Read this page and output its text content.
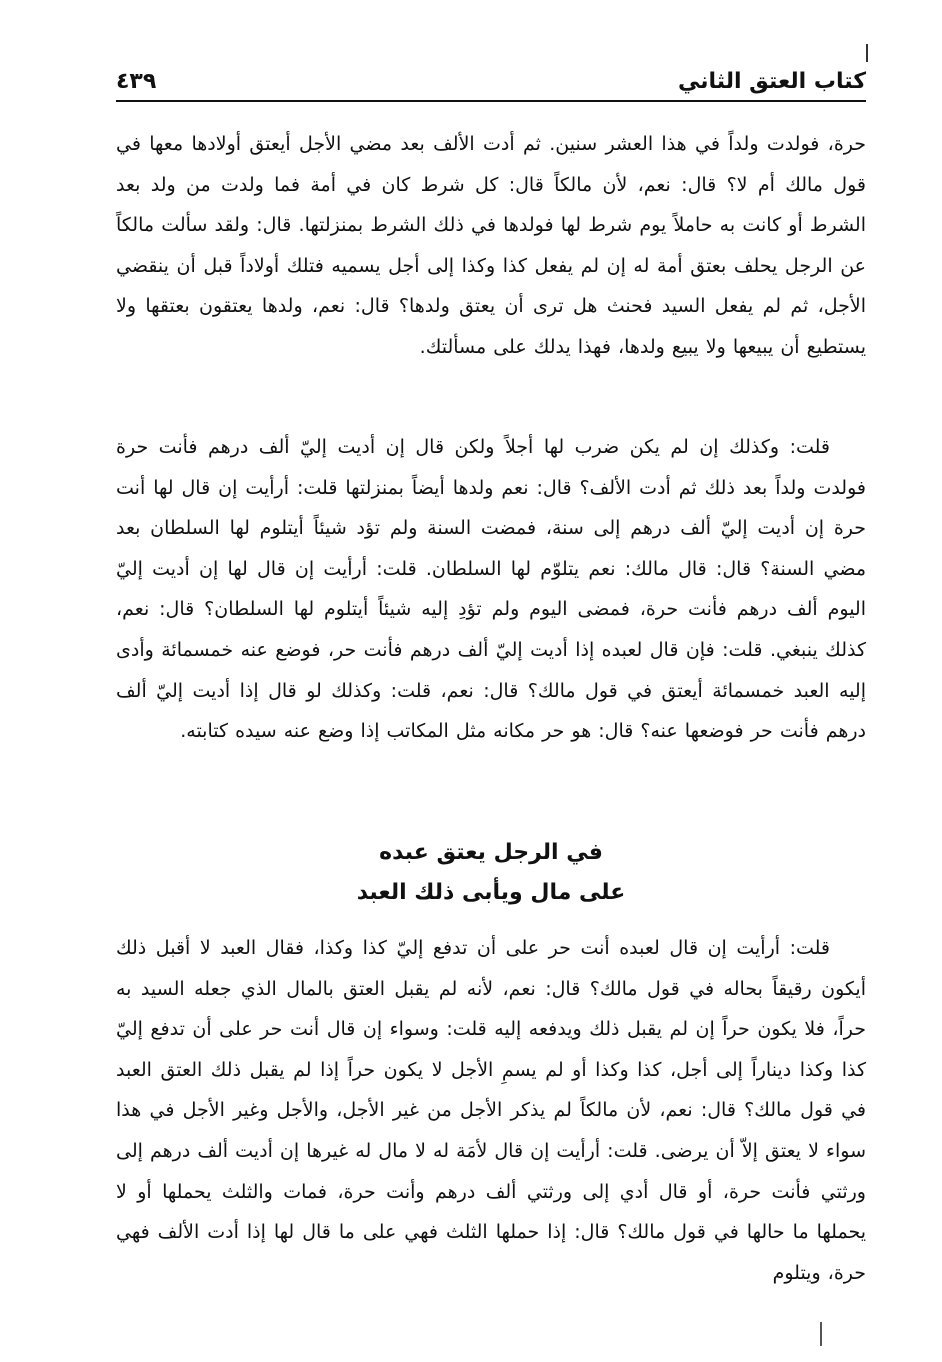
كتاب العتق الثاني
٤٣٩

حرة، فولدت ولداً في هذا العشر سنين. ثم أدت الألف بعد مضي الأجل أيعتق أولادها معها في قول مالك أم لا؟ قال: نعم، لأن مالكاً قال: كل شرط كان في أمة فما ولدت من ولد بعد الشرط أو كانت به حاملاً يوم شرط لها فولدها في ذلك الشرط بمنزلتها. قال: ولقد سألت مالكاً عن الرجل يحلف بعتق أمة له إن لم يفعل كذا وكذا إلى أجل يسميه فتلك أولاداً قبل أن ينقضي الأجل، ثم لم يفعل السيد فحنث هل ترى أن يعتق ولدها؟ قال: نعم، ولدها يعتقون بعتقها ولا يستطيع أن يبيعها ولا يبيع ولدها، فهذا يدلك على مسألتك.

قلت: وكذلك إن لم يكن ضرب لها أجلاً ولكن قال إن أديت إليّ ألف درهم فأنت حرة فولدت ولداً بعد ذلك ثم أدت الألف؟ قال: نعم ولدها أيضاً بمنزلتها قلت: أرأيت إن قال لها أنت حرة إن أديت إليّ ألف درهم إلى سنة، فمضت السنة ولم تؤد شيئاً أيتلوم لها السلطان بعد مضي السنة؟ قال: قال مالك: نعم يتلوّم لها السلطان. قلت: أرأيت إن قال لها إن أديت إليّ اليوم ألف درهم فأنت حرة، فمضى اليوم ولم تؤدِ إليه شيئاً أيتلوم لها السلطان؟ قال: نعم، كذلك ينبغي. قلت: فإن قال لعبده إذا أديت إليّ ألف درهم فأنت حر، فوضع عنه خمسمائة وأدى إليه العبد خمسمائة أيعتق في قول مالك؟ قال: نعم، قلت: وكذلك لو قال إذا أديت إليّ ألف درهم فأنت حر فوضعها عنه؟ قال: هو حر مكانه مثل المكاتب إذا وضع عنه سيده كتابته.

في الرجل يعتق عبده
على مال ويأبى ذلك العبد

قلت: أرأيت إن قال لعبده أنت حر على أن تدفع إليّ كذا وكذا، فقال العبد لا أقبل ذلك أيكون رقيقاً بحاله في قول مالك؟ قال: نعم، لأنه لم يقبل العتق بالمال الذي جعله السيد به حراً، فلا يكون حراً إن لم يقبل ذلك ويدفعه إليه قلت: وسواء إن قال أنت حر على أن تدفع إليّ كذا وكذا ديناراً إلى أجل، كذا وكذا أو لم يسمِ الأجل لا يكون حراً إذا لم يقبل ذلك العتق العبد في قول مالك؟ قال: نعم، لأن مالكاً لم يذكر الأجل من غير الأجل، والأجل وغير الأجل في هذا سواء لا يعتق إلاّ أن يرضى. قلت: أرأيت إن قال لأمَة له لا مال له غيرها إن أديت ألف درهم إلى ورثتي فأنت حرة، أو قال أدي إلى ورثتي ألف درهم وأنت حرة، فمات والثلث يحملها أو لا يحملها ما حالها في قول مالك؟ قال: إذا حملها الثلث فهي على ما قال لها إذا أدت الألف فهي حرة، ويتلوم
